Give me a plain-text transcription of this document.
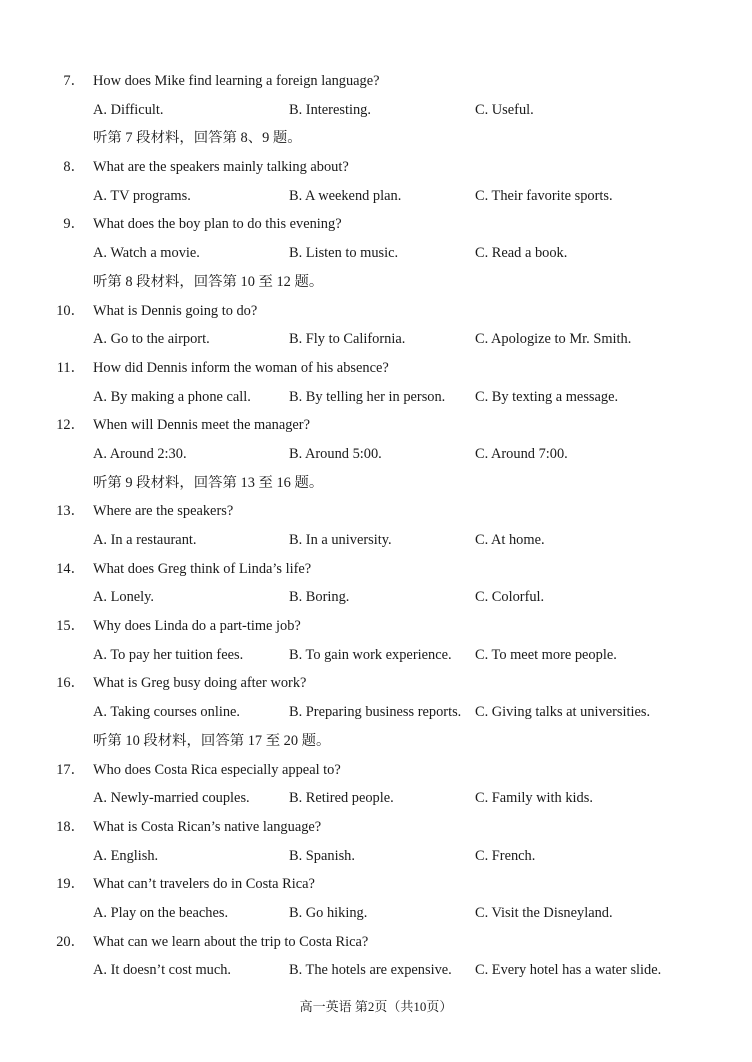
7． How does Mike find learning a foreign language?
A. Difficult.	B. Interesting.	C. Useful.
听第 7 段材料，回答第 8、9 题。
8． What are the speakers mainly talking about?
A. TV programs.	B. A weekend plan.	C. Their favorite sports.
9． What does the boy plan to do this evening?
A. Watch a movie.	B. Listen to music.	C. Read a book.
听第 8 段材料，回答第 10 至 12 题。
10． What is Dennis going to do?
A. Go to the airport.	B. Fly to California.	C. Apologize to Mr. Smith.
11． How did Dennis inform the woman of his absence?
A. By making a phone call.	B. By telling her in person. C. By texting a message.
12． When will Dennis meet the manager?
A. Around 2:30.	B. Around 5:00.	C. Around 7:00.
听第 9 段材料，回答第 13 至 16 题。
13． Where are the speakers?
A. In a restaurant.	B. In a university.	C. At home.
14． What does Greg think of Linda’s life?
A. Lonely.	B. Boring.	C. Colorful.
15． Why does Linda do a part-time job?
A. To pay her tuition fees.	B. To gain work experience. C. To meet more people.
16． What is Greg busy doing after work?
A. Taking courses online.	B. Preparing business reports. C. Giving talks at universities.
听第 10 段材料，回答第 17 至 20 题。
17． Who does Costa Rica especially appeal to?
A. Newly-married couples.	B. Retired people.	C. Family with kids.
18． What is Costa Rican’s native language?
A. English.	B. Spanish.	C. French.
19． What can’t travelers do in Costa Rica?
A. Play on the beaches.	B. Go hiking.	C. Visit the Disneyland.
20． What can we learn about the trip to Costa Rica?
A. It doesn’t cost much.	B. The hotels are expensive. C. Every hotel has a water slide.
高一英语 第2页（共10页）
